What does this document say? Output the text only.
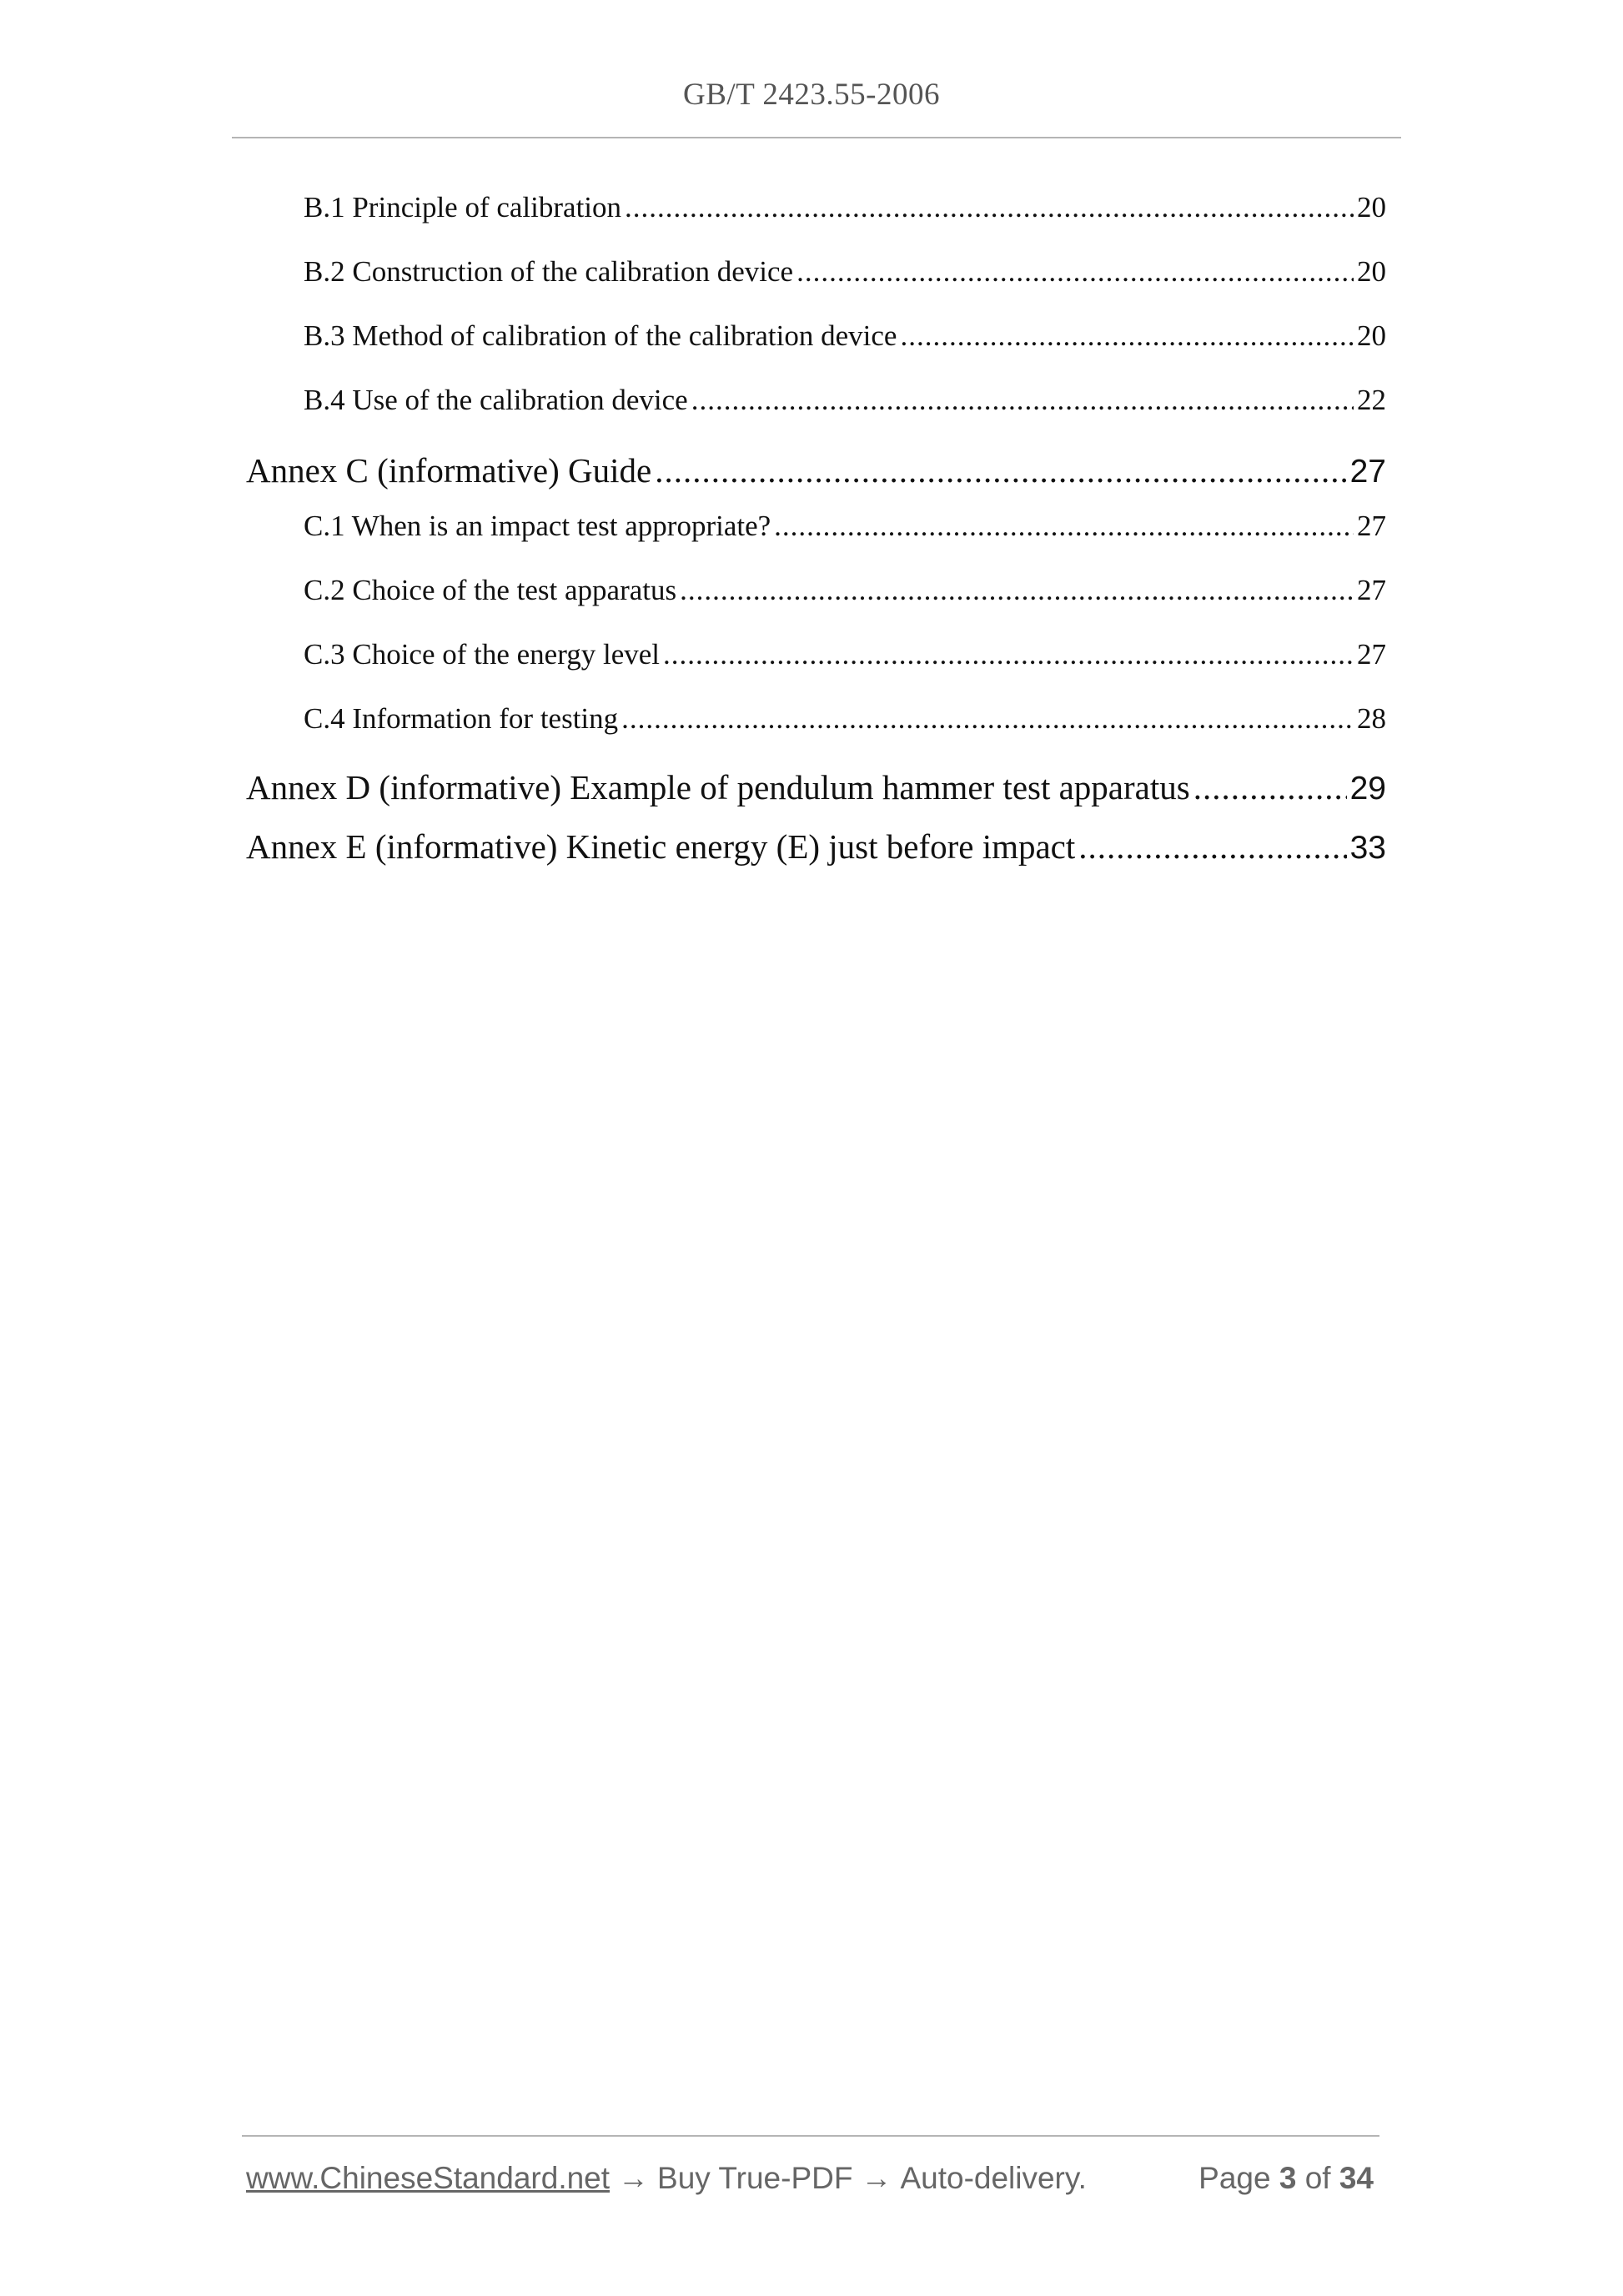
GB/T 2423.55-2006
B.1 Principle of calibration .....	20
B.2 Construction of the calibration device .....	20
B.3 Method of calibration of the calibration device .....	20
B.4 Use of the calibration device .....	22
Annex C (informative) Guide .....	27
C.1 When is an impact test appropriate? .....	27
C.2 Choice of the test apparatus .....	27
C.3 Choice of the energy level .....	27
C.4 Information for testing .....	28
Annex D (informative) Example of pendulum hammer test apparatus .....	29
Annex E (informative) Kinetic energy (E) just before impact .....	33
www.ChineseStandard.net → Buy True-PDF → Auto-delivery.	Page 3 of 34
